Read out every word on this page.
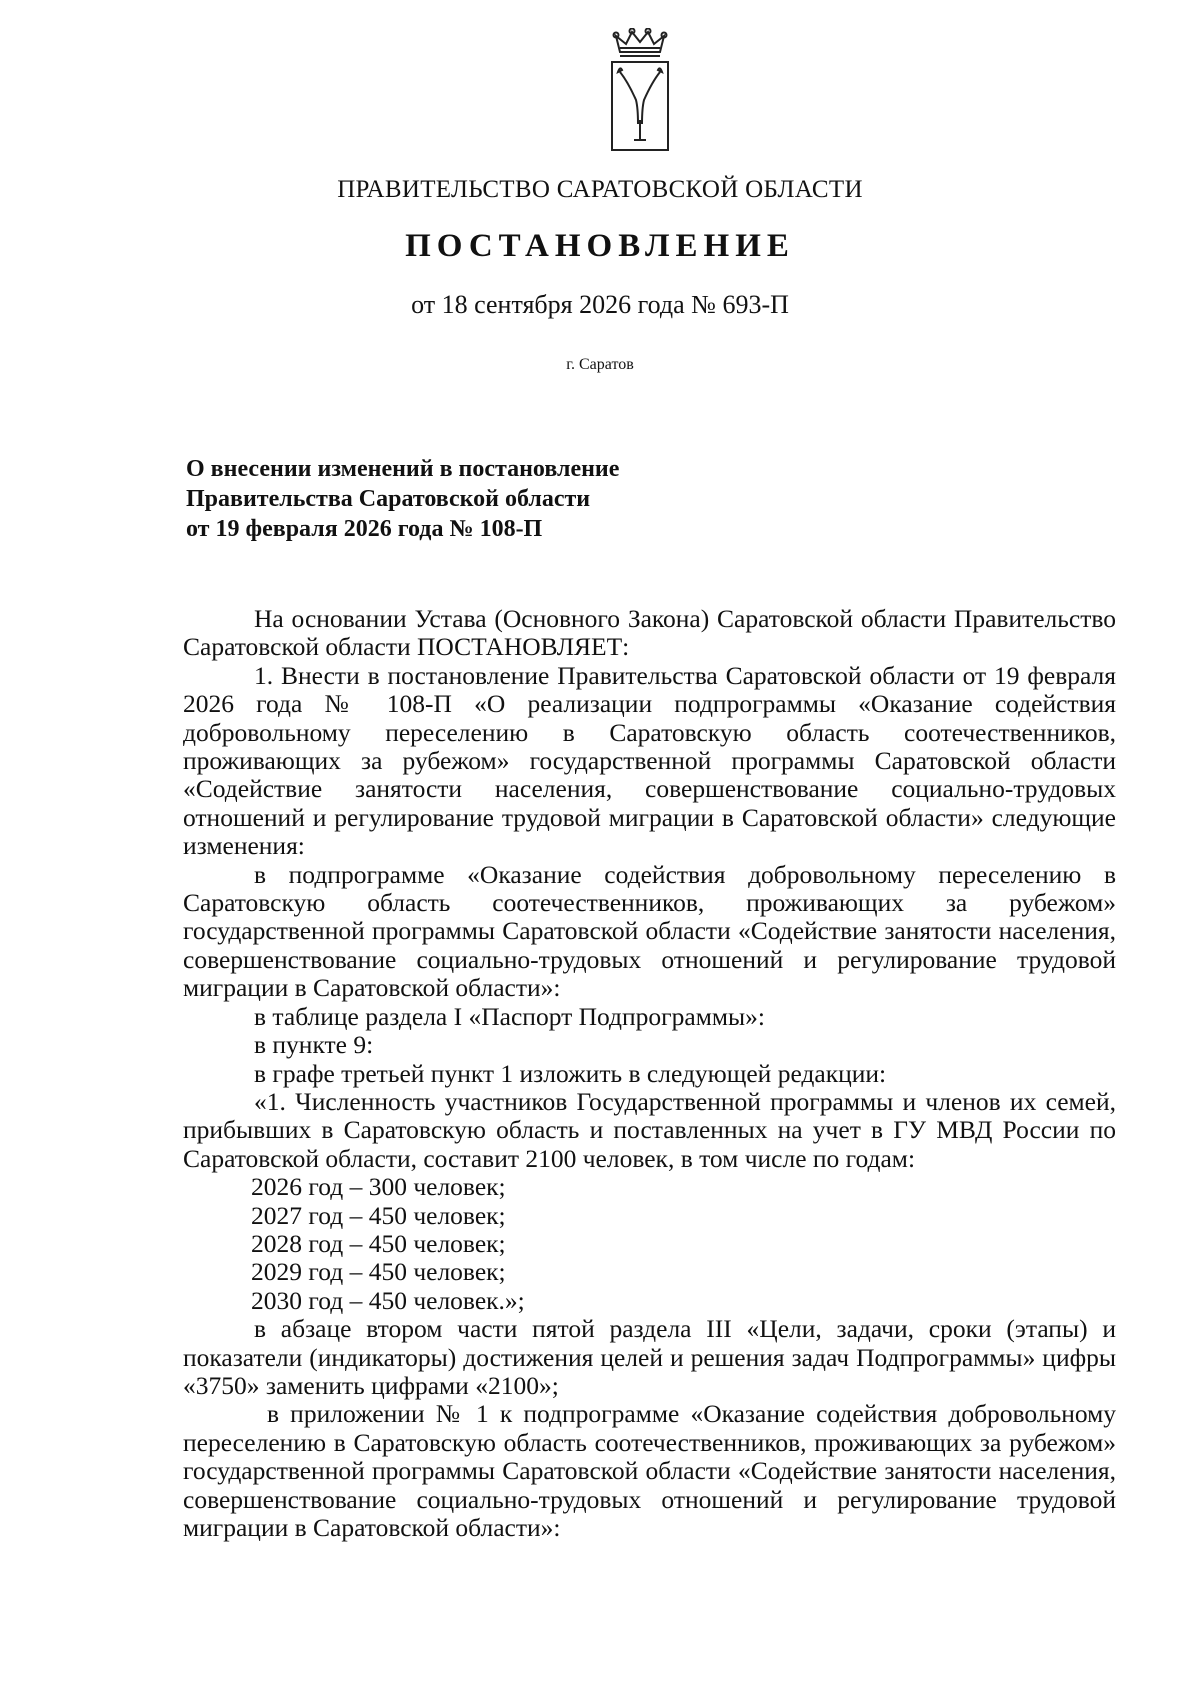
ПРАВИТЕЛЬСТВО САРАТОВСКОЙ ОБЛАСТИ
ПОСТАНОВЛЕНИЕ
от 18 сентября 2026 года № 693-П
г. Саратов
О внесении изменений в постановление
Правительства Саратовской области
от 19 февраля 2026 года № 108-П

На основании Устава (Основного Закона) Саратовской области Правительство Саратовской области ПОСТАНОВЛЯЕТ:

1. Внести в постановление Правительства Саратовской области от 19 февраля 2026 года № 108-П «О реализации подпрограммы «Оказание содействия добровольному переселению в Саратовскую область соотечественников, проживающих за рубежом» государственной программы Саратовской области «Содействие занятости населения, совершенствование социально-трудовых отношений и регулирование трудовой миграции в Саратовской области» следующие изменения:

в подпрограмме «Оказание содействия добровольному переселению в Саратовскую область соотечественников, проживающих за рубежом» государственной программы Саратовской области «Содействие занятости населения, совершенствование социально-трудовых отношений и регулирование трудовой миграции в Саратовской области»:

в таблице раздела I «Паспорт Подпрограммы»:

в пункте 9:

в графе третьей пункт 1 изложить в следующей редакции:

«1. Численность участников Государственной программы и членов их семей, прибывших в Саратовскую область и поставленных на учет в ГУ МВД России по Саратовской области, составит 2100 человек, в том числе по годам:

2026 год – 300 человек;

2027 год – 450 человек;

2028 год – 450 человек;

2029 год – 450 человек;

2030 год – 450 человек.»;

в абзаце втором части пятой раздела III «Цели, задачи, сроки (этапы) и показатели (индикаторы) достижения целей и решения задач Подпрограммы» цифры «3750» заменить цифрами «2100»;

в приложении № 1 к подпрограмме «Оказание содействия добровольному переселению в Саратовскую область соотечественников, проживающих за рубежом» государственной программы Саратовской области «Содействие занятости населения, совершенствование социально-трудовых отношений и регулирование трудовой миграции в Саратовской области»:
